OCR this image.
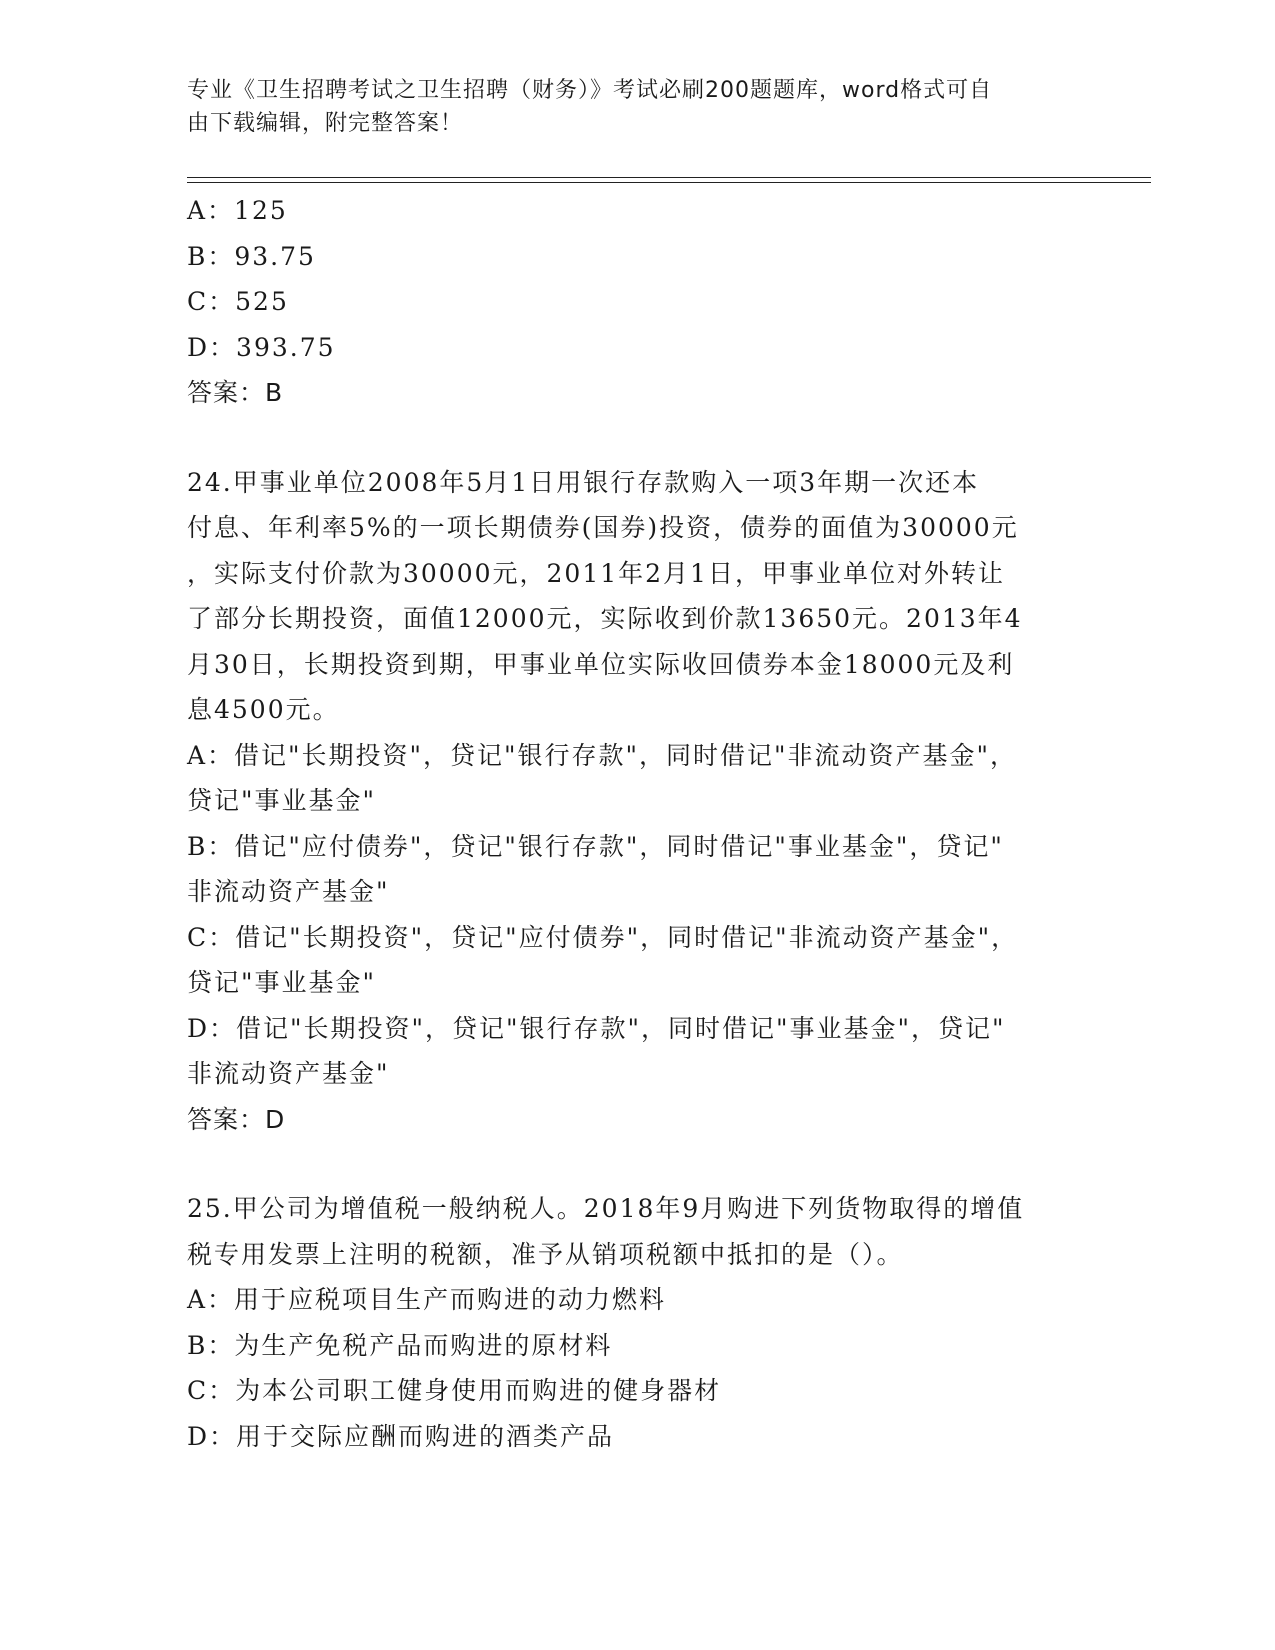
专业《卫生招聘考试之卫生招聘（财务）》考试必刷200题题库，word格式可自
由下载编辑，附完整答案！

A：125

B：93.75

C：525

D：393.75

答案：B

24.甲事业单位2008年5月1日用银行存款购入一项3年期一次还本

付息、年利率5%的一项长期债券(国券)投资，债券的面值为30000元

，实际支付价款为30000元，2011年2月1日，甲事业单位对外转让

了部分长期投资，面值12000元，实际收到价款13650元。2013年4

月30日，长期投资到期，甲事业单位实际收回债券本金18000元及利

息4500元。

A：借记"长期投资"，贷记"银行存款"，同时借记"非流动资产基金"，

贷记"事业基金"

B：借记"应付债券"，贷记"银行存款"，同时借记"事业基金"，贷记"

非流动资产基金"

C：借记"长期投资"，贷记"应付债券"，同时借记"非流动资产基金"，

贷记"事业基金"

D：借记"长期投资"，贷记"银行存款"，同时借记"事业基金"，贷记"

非流动资产基金"

答案：D

25.甲公司为增值税一般纳税人。2018年9月购进下列货物取得的增值

税专用发票上注明的税额，准予从销项税额中抵扣的是（）。

A：用于应税项目生产而购进的动力燃料

B：为生产免税产品而购进的原材料

C：为本公司职工健身使用而购进的健身器材

D：用于交际应酬而购进的酒类产品
